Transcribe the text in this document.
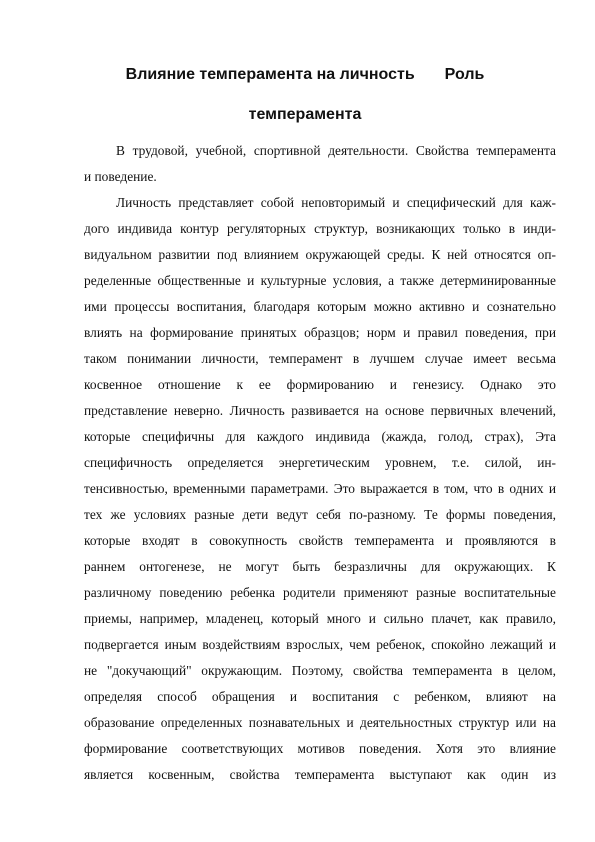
Влияние темперамента на личность Роль
темперамента
В трудовой, учебной, спортивной деятельности. Свойства темперамента
и поведение.
Личность представляет собой неповторимый и специфический для каж-
дого индивида контур регуляторных структур, возникающих только в инди-
видуальном развитии под влиянием окружающей среды. К ней относятся оп-
ределенные общественные и культурные условия, а также детерминированные
ими процессы воспитания, благодаря которым можно активно и сознательно
влиять на формирование принятых образцов; норм и правил поведения, при
таком понимании личности, темперамент в лучшем случае имеет весьма
косвенное отношение к ее формированию и генезису. Однако это
представление неверно. Личность развивается на основе первичных влечений,
которые специфичны для каждого индивида (жажда, голод, страх), Эта
специфичность определяется энергетическим уровнем, т.е. силой, ин-
тенсивностью, временными параметрами. Это выражается в том, что в одних и
тех же условиях разные дети ведут себя по-разному. Те формы поведения,
которые входят в совокупность свойств темперамента и проявляются в
раннем онтогенезе, не могут быть безразличны для окружающих. К
различному поведению ребенка родители применяют разные воспитательные
приемы, например, младенец, который много и сильно плачет, как правило,
подвергается иным воздействиям взрослых, чем ребенок, спокойно лежащий и
не "докучающий" окружающим. Поэтому, свойства темперамента в целом,
определяя способ обращения и воспитания с ребенком, влияют на
образование определенных познавательных и деятельностных структур или на
формирование соответствующих мотивов поведения. Хотя это влияние
является косвенным, свойства темперамента выступают как один из
